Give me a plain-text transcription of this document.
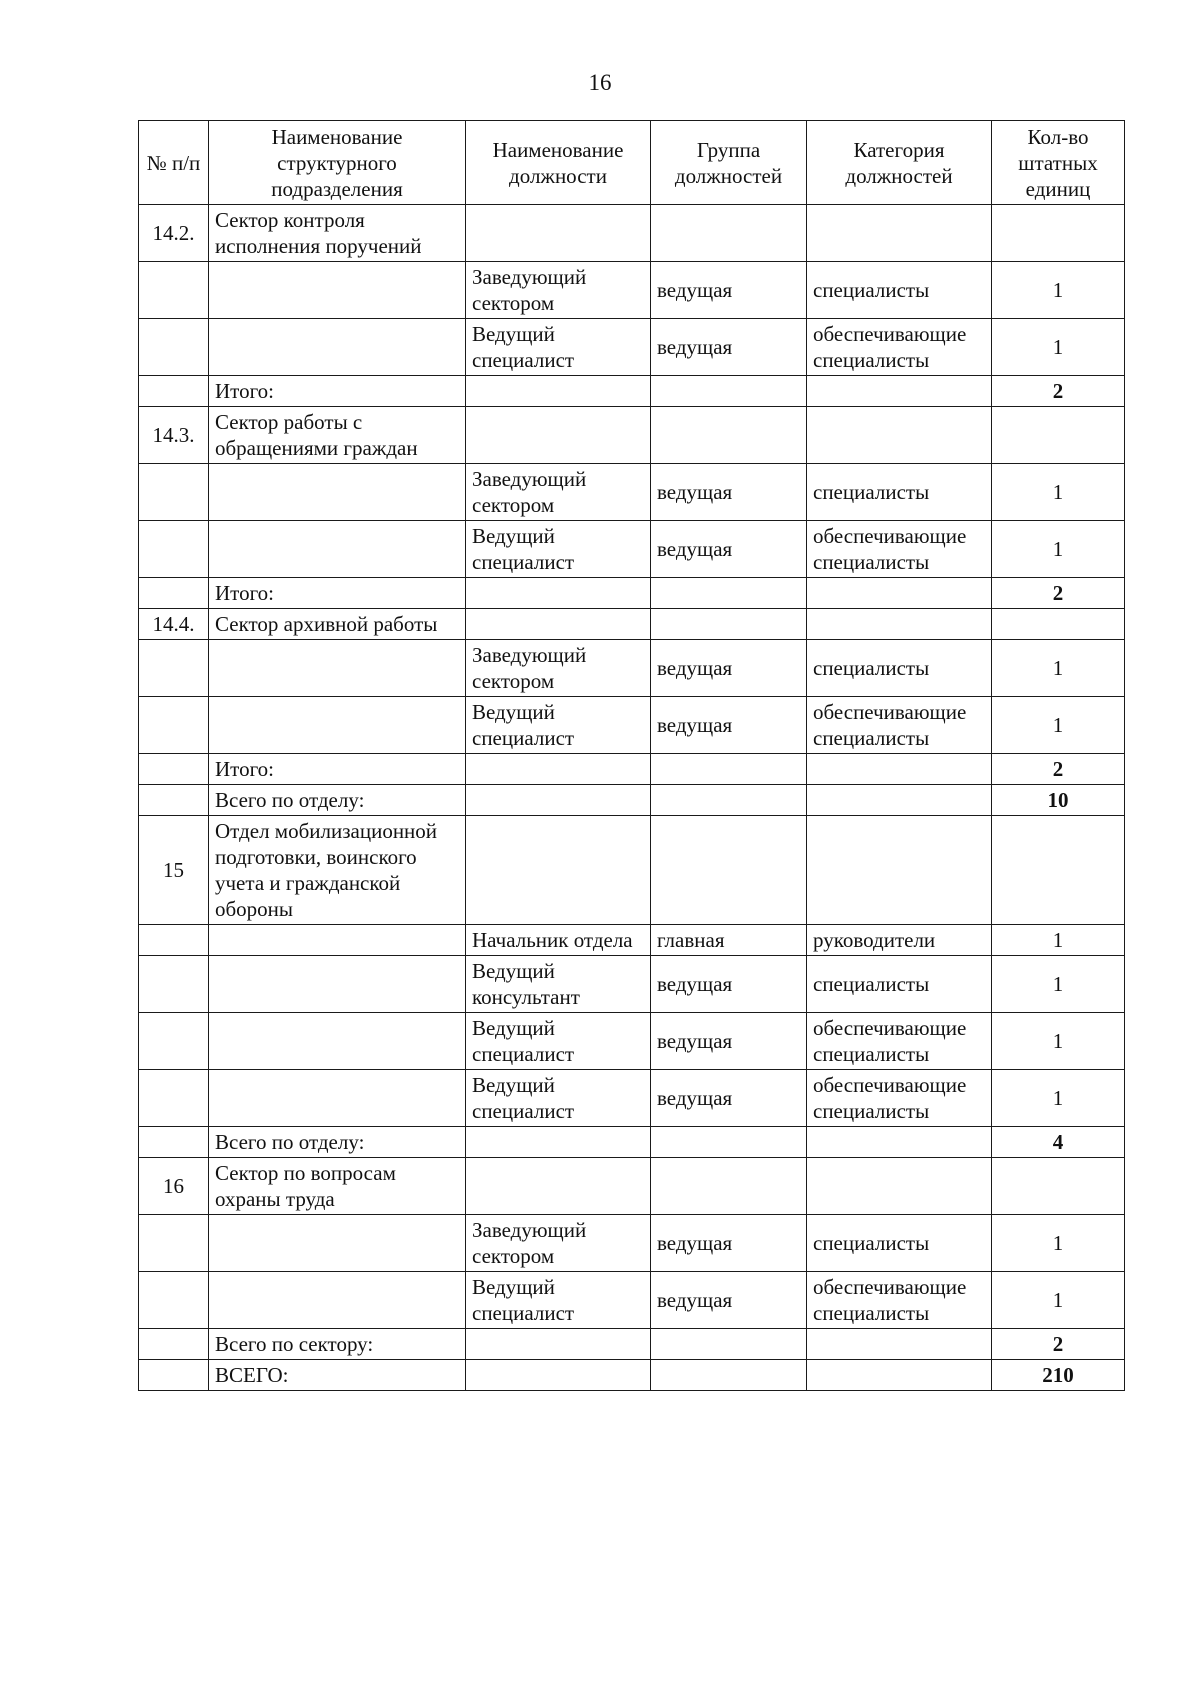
16
№ п/п	Наименование структурного подразделения	Наименование должности	Группа должностей	Категория должностей	Кол-во штатных единиц
14.2.	Сектор контроля исполнения поручений				
		Заведующий сектором	ведущая	специалисты	1
		Ведущий специалист	ведущая	обеспечивающие специалисты	1
	Итого:				2
14.3.	Сектор работы с обращениями граждан				
		Заведующий сектором	ведущая	специалисты	1
		Ведущий специалист	ведущая	обеспечивающие специалисты	1
	Итого:				2
14.4.	Сектор архивной работы				
		Заведующий сектором	ведущая	специалисты	1
		Ведущий специалист	ведущая	обеспечивающие специалисты	1
	Итого:				2
	Всего по отделу:				10
15	Отдел мобилизационной подготовки, воинского учета и гражданской обороны				
		Начальник отдела	главная	руководители	1
		Ведущий консультант	ведущая	специалисты	1
		Ведущий специалист	ведущая	обеспечивающие специалисты	1
		Ведущий специалист	ведущая	обеспечивающие специалисты	1
	Всего по отделу:				4
16	Сектор по вопросам охраны труда				
		Заведующий сектором	ведущая	специалисты	1
		Ведущий специалист	ведущая	обеспечивающие специалисты	1
	Всего по сектору:				2
	ВСЕГО:				210
